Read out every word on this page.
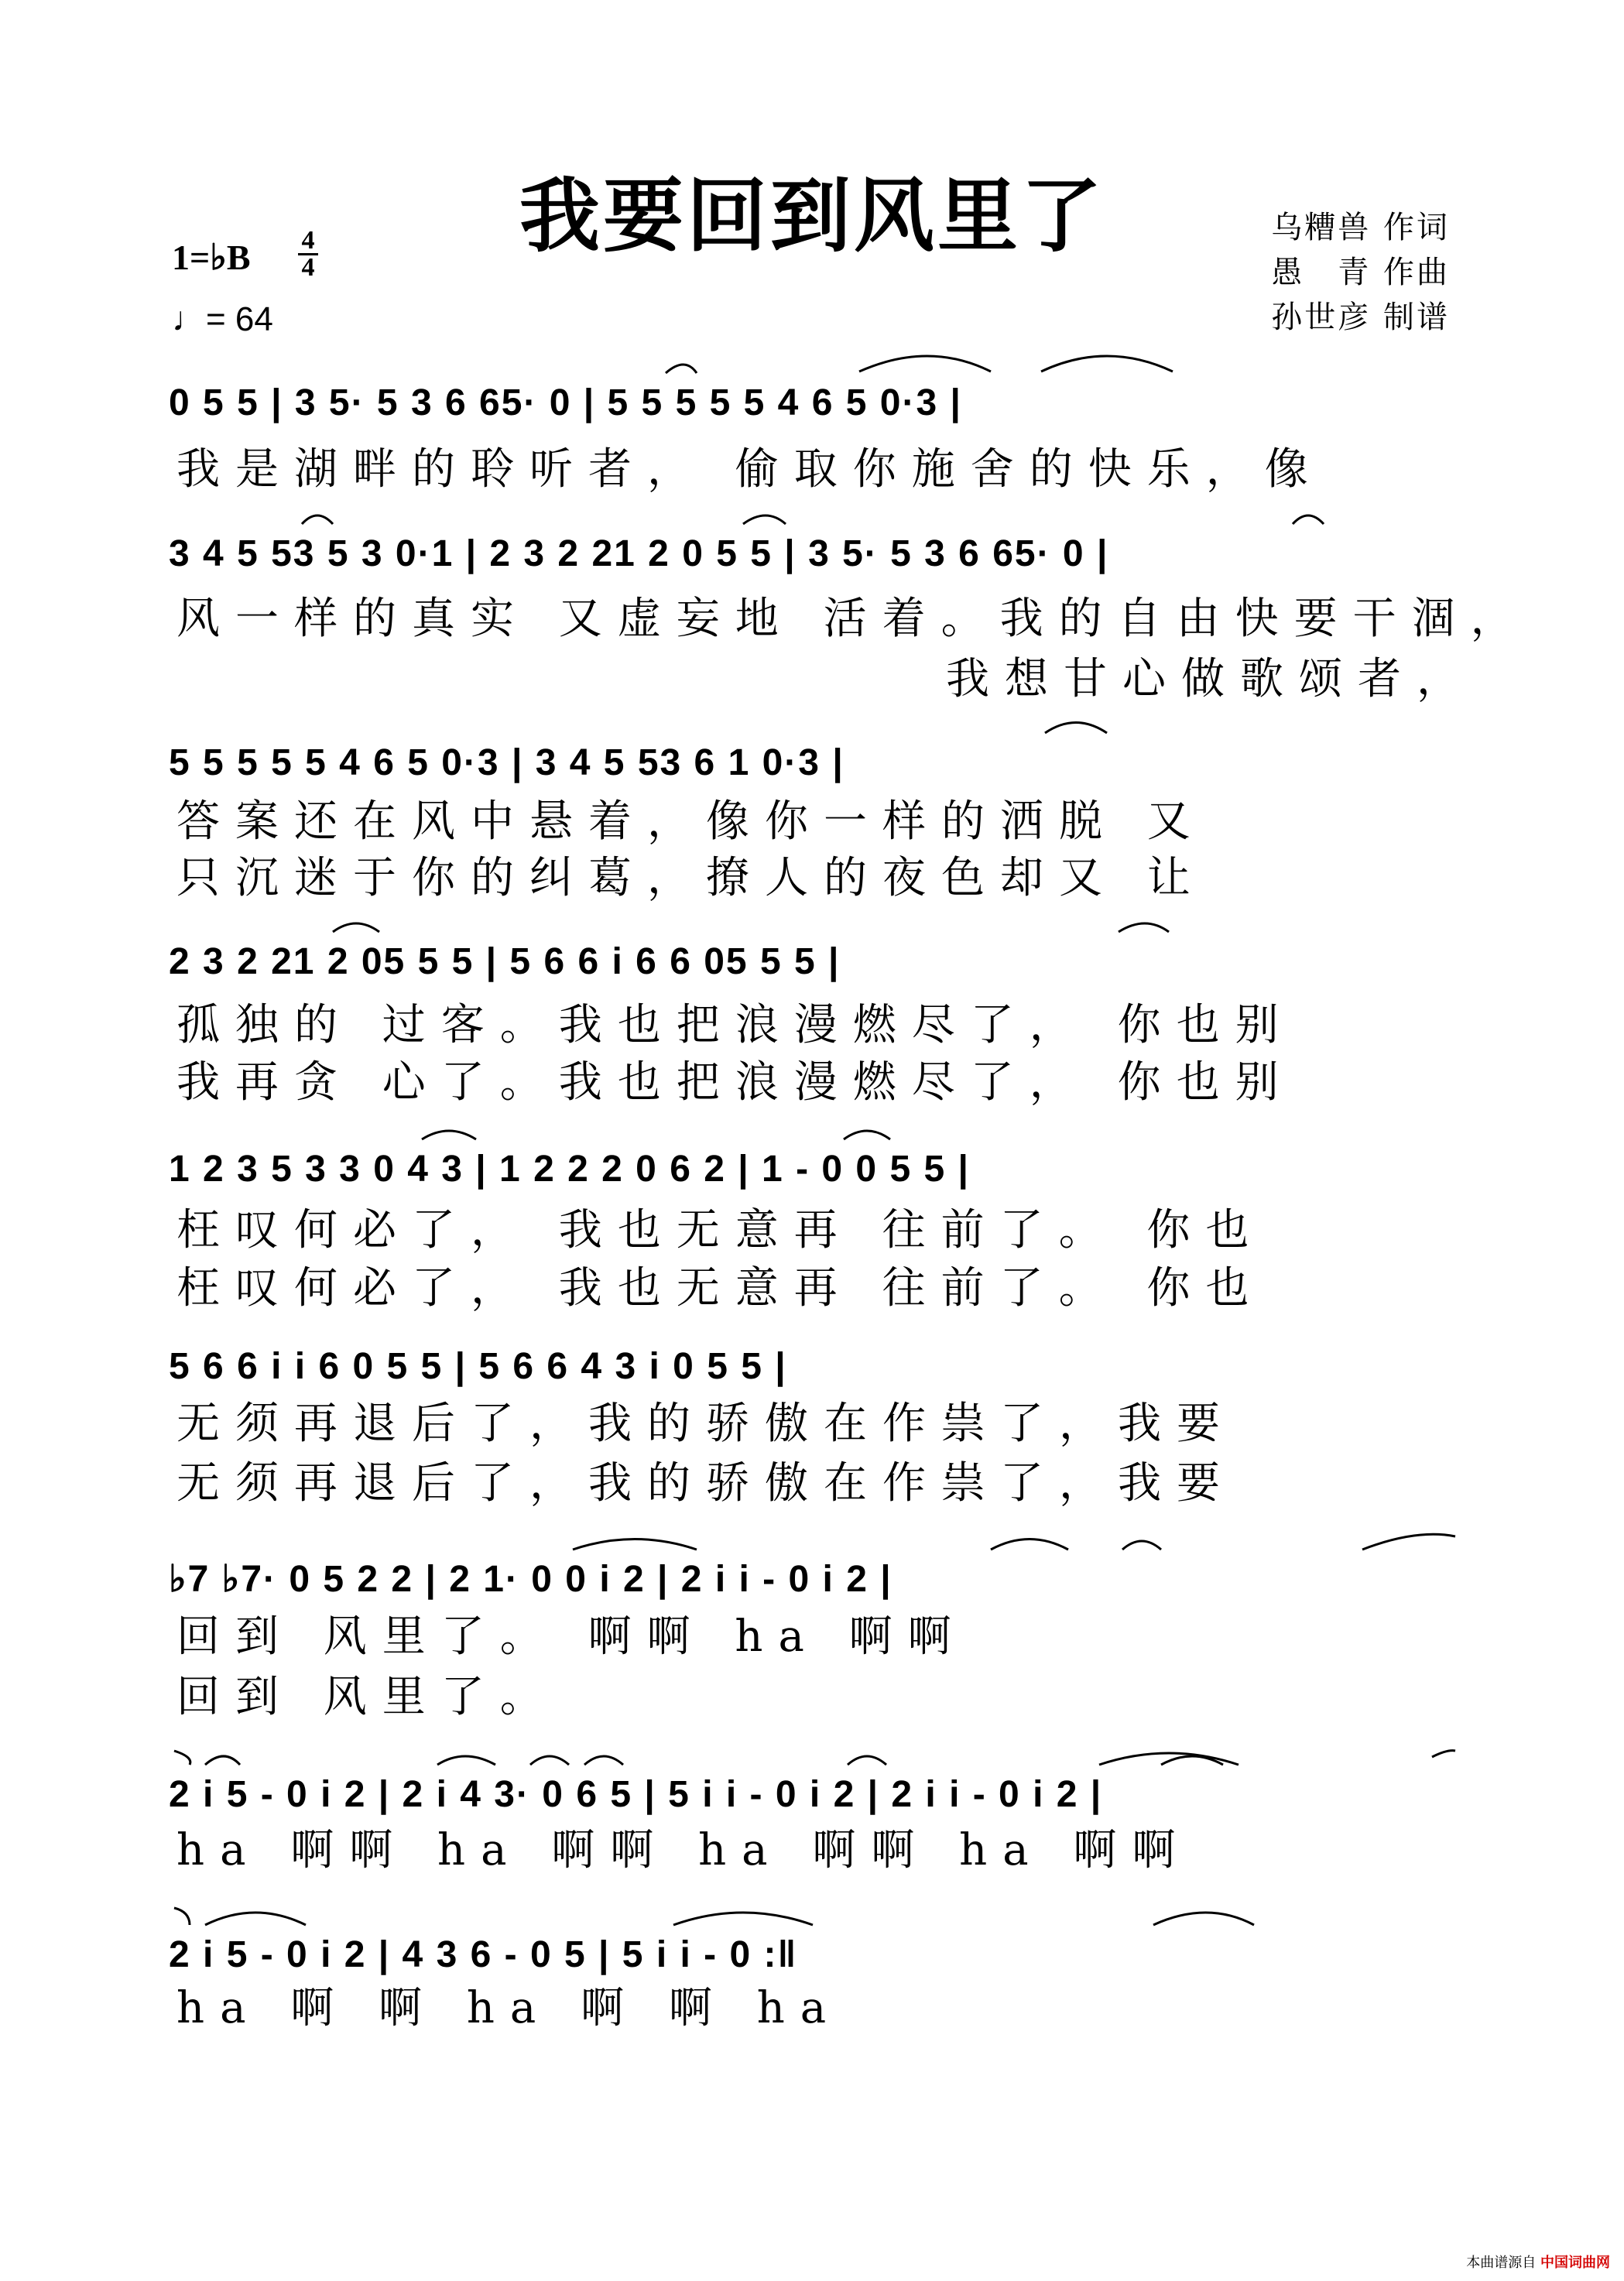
我要回到风里了	乌糟兽 作词
愚　青 作曲
孙世彦 制谱
1=♭B 4
4
♩= 64
0 5 5 | 3 5· 5 3 6 65· 0 | 5 5 5 5 5 4 6 5 0·3 |
我是湖畔的聆听者， 偷取你施舍的快乐，像
3 4 5 53 5 3 0·1 | 2 3 2 21 2 0 5 5 | 3 5· 5 3 6 65· 0 |
风一样的真实 又虚妄地 活着。我的自由快要干涸，
我想甘心做歌颂者，
5 5 5 5 5 4 6 5 0·3 | 3 4 5 53 6 1 0·3 |
答案还在风中悬着，像你一样的洒脱 又
只沉迷于你的纠葛，撩人的夜色却又 让
2 3 2 21 2 05 5 5 | 5 6 6 i 6 6 05 5 5 |
孤独的 过客。我也把浪漫燃尽了， 你也别
我再贪 心了。我也把浪漫燃尽了， 你也别
1 2 3 5 3 3 0 4 3 | 1 2 2 2 0 6 2 | 1 - 0 0 5 5 |
枉叹何必了， 我也无意再 往前了。 你也
枉叹何必了， 我也无意再 往前了。 你也
5 6 6 i i 6 0 5 5 | 5 6 6 4 3 i 0 5 5 |
无须再退后了，我的骄傲在作祟了，我要
无须再退后了，我的骄傲在作祟了，我要
♭7 ♭7· 0 5 2 2 | 2 1· 0 0 i 2 | 2 i i - 0 i 2 |
回到 风里了。 啊啊 ha 啊啊
回到 风里了。
2 i 5 - 0 i 2 | 2 i 4 3· 0 6 5 | 5 i i - 0 i 2 | 2 i i - 0 i 2 |
ha 啊啊 ha 啊啊 ha 啊啊 ha 啊啊
2 i 5 - 0 i 2 | 4 3 6 - 0 5 | 5 i i - 0 :‖
ha 啊 啊 ha 啊 啊 ha
本曲谱源自 中国词曲网
